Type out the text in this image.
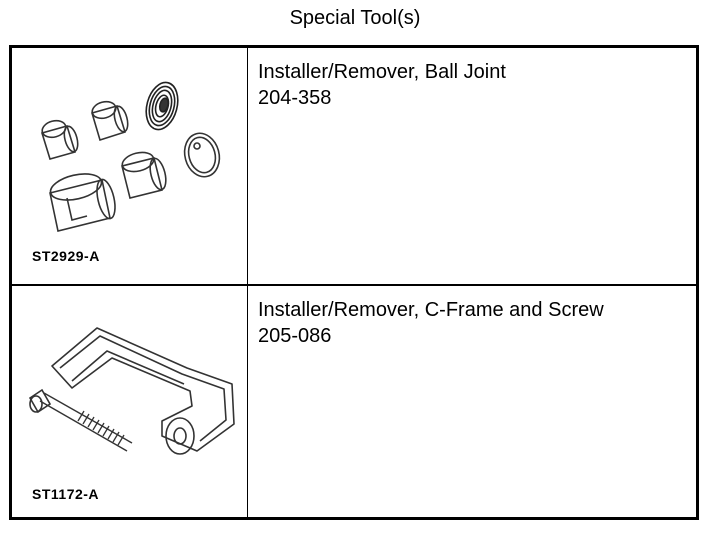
Special Tool(s)
ST2929-A
Installer/Remover, Ball Joint
204-358
ST1172-A
Installer/Remover, C-Frame and Screw
205-086
